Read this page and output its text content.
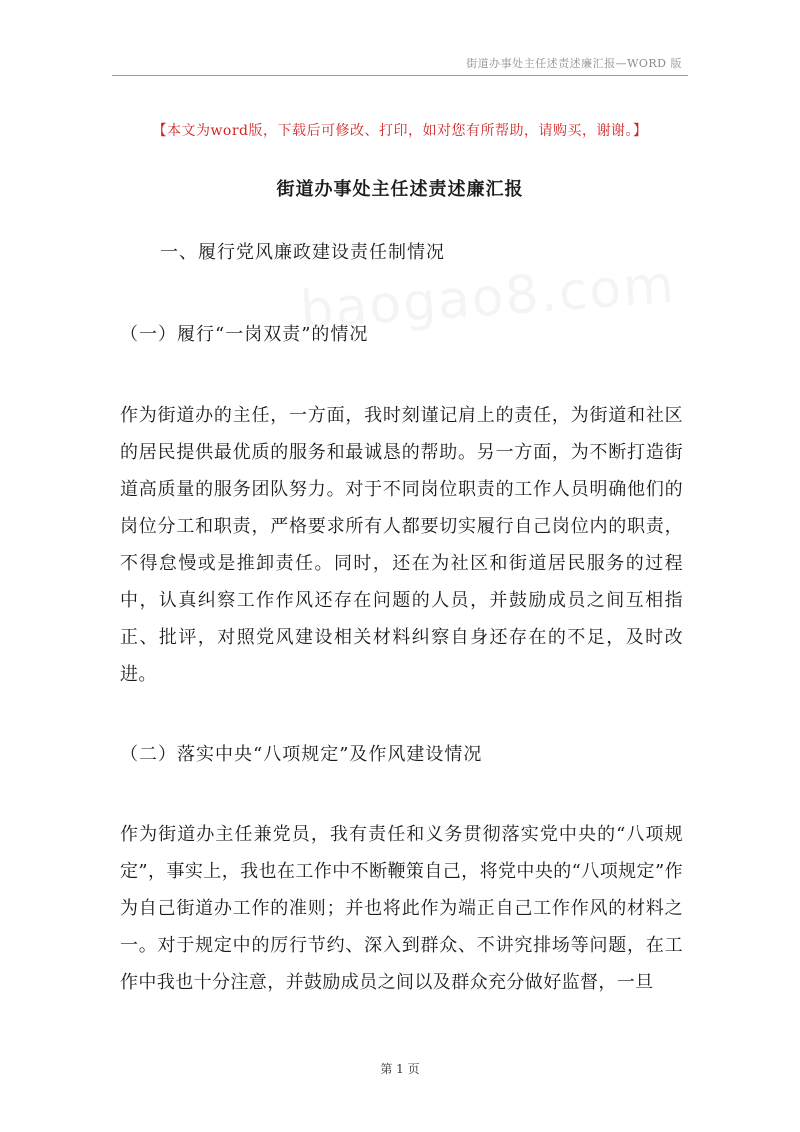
街道办事处主任述责述廉汇报—WORD 版
【本文为word版，下载后可修改、打印，如对您有所帮助，请购买，谢谢。】
街道办事处主任述责述廉汇报
一、履行党风廉政建设责任制情况
（一）履行“一岗双责”的情况
作为街道办的主任，一方面，我时刻谨记肩上的责任，为街道和社区的居民提供最优质的服务和最诚恳的帮助。另一方面，为不断打造街道高质量的服务团队努力。对于不同岗位职责的工作人员明确他们的岗位分工和职责，严格要求所有人都要切实履行自己岗位内的职责，不得怠慢或是推卸责任。同时，还在为社区和街道居民服务的过程中，认真纠察工作作风还存在问题的人员，并鼓励成员之间互相指正、批评，对照党风建设相关材料纠察自身还存在的不足，及时改进。
（二）落实中央“八项规定”及作风建设情况
作为街道办主任兼党员，我有责任和义务贯彻落实党中央的“八项规定”，事实上，我也在工作中不断鞭策自己，将党中央的“八项规定”作为自己街道办工作的准则；并也将此作为端正自己工作作风的材料之一。对于规定中的厉行节约、深入到群众、不讲究排场等问题，在工作中我也十分注意，并鼓励成员之间以及群众充分做好监督，一旦
第 1 页
